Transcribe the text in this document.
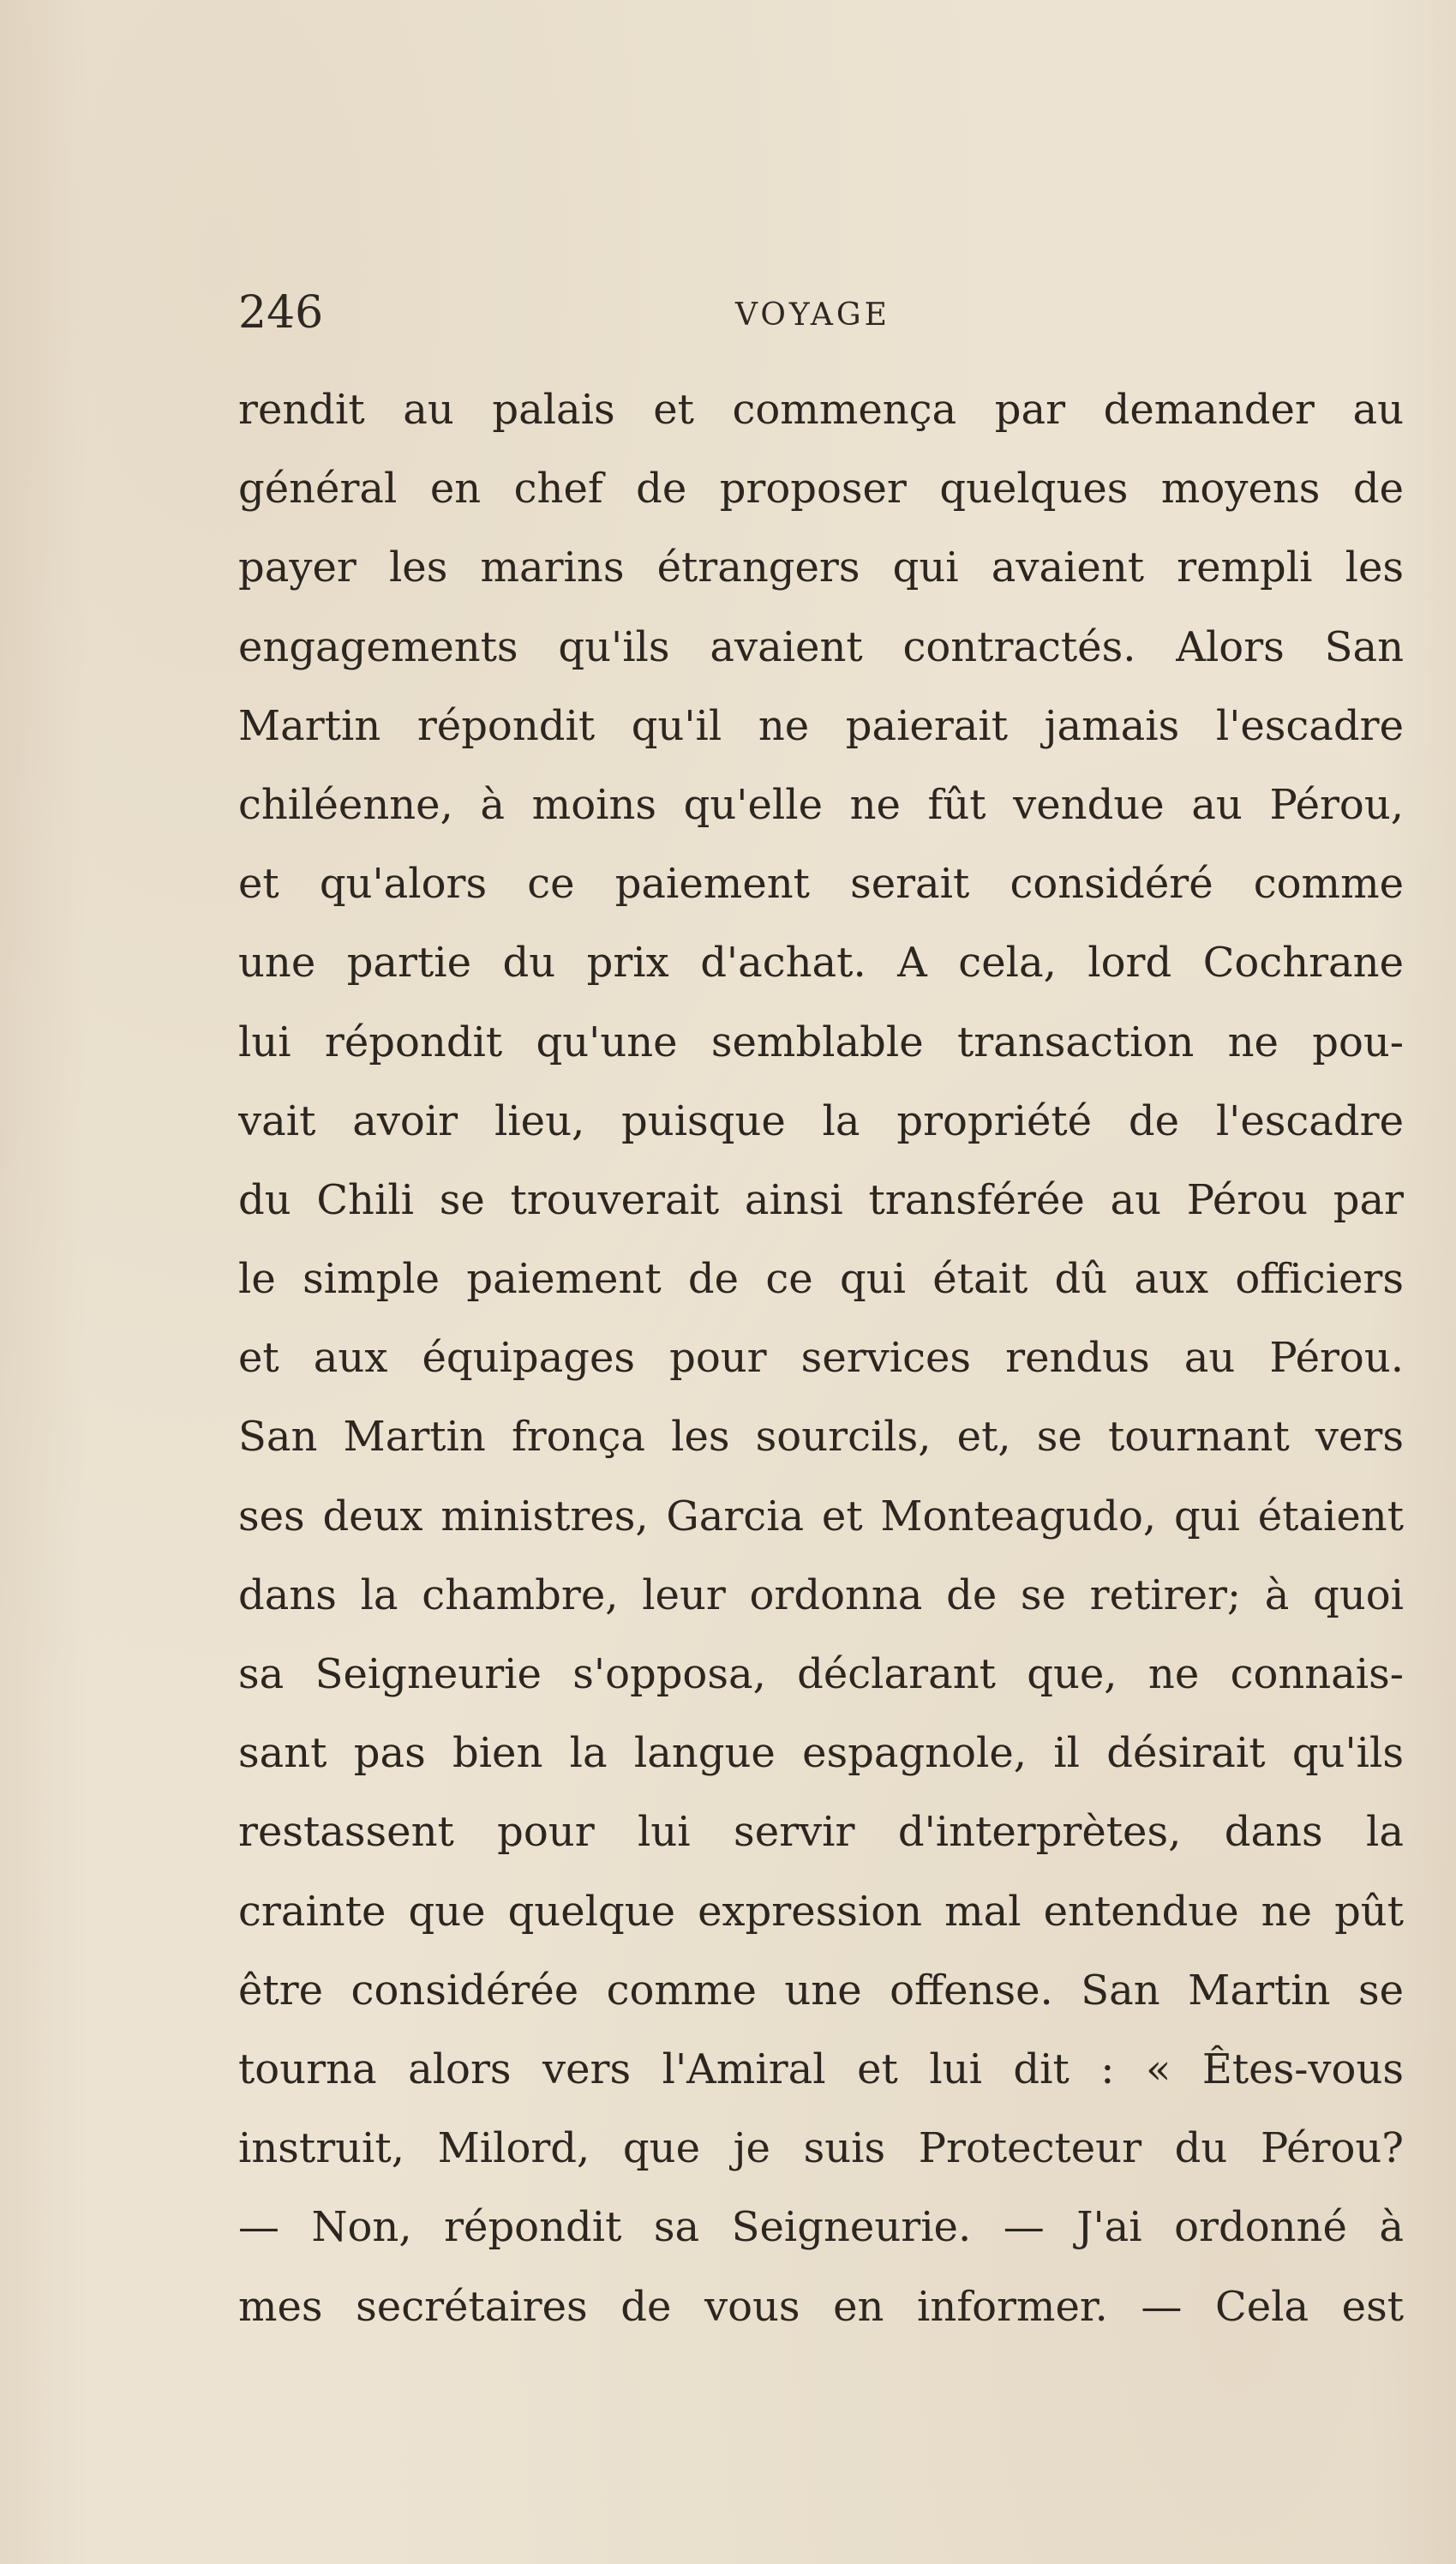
246	VOYAGE
rendit au palais et commença par demander au
général en chef de proposer quelques moyens de
payer les marins étrangers qui avaient rempli les
engagements qu'ils avaient contractés. Alors San
Martin répondit qu'il ne paierait jamais l'escadre
chiléenne, à moins qu'elle ne fût vendue au Pérou,
et qu'alors ce paiement serait considéré comme
une partie du prix d'achat. A cela, lord Cochrane
lui répondit qu'une semblable transaction ne pou-
vait avoir lieu, puisque la propriété de l'escadre
du Chili se trouverait ainsi transférée au Pérou par
le simple paiement de ce qui était dû aux officiers
et aux équipages pour services rendus au Pérou.
San Martin fronça les sourcils, et, se tournant vers
ses deux ministres, Garcia et Monteagudo, qui étaient
dans la chambre, leur ordonna de se retirer; à quoi
sa Seigneurie s'opposa, déclarant que, ne connais-
sant pas bien la langue espagnole, il désirait qu'ils
restassent pour lui servir d'interprètes, dans la
crainte que quelque expression mal entendue ne pût
être considérée comme une offense. San Martin se
tourna alors vers l'Amiral et lui dit : « Êtes-vous
instruit, Milord, que je suis Protecteur du Pérou?
— Non, répondit sa Seigneurie. — J'ai ordonné à
mes secrétaires de vous en informer. — Cela est
